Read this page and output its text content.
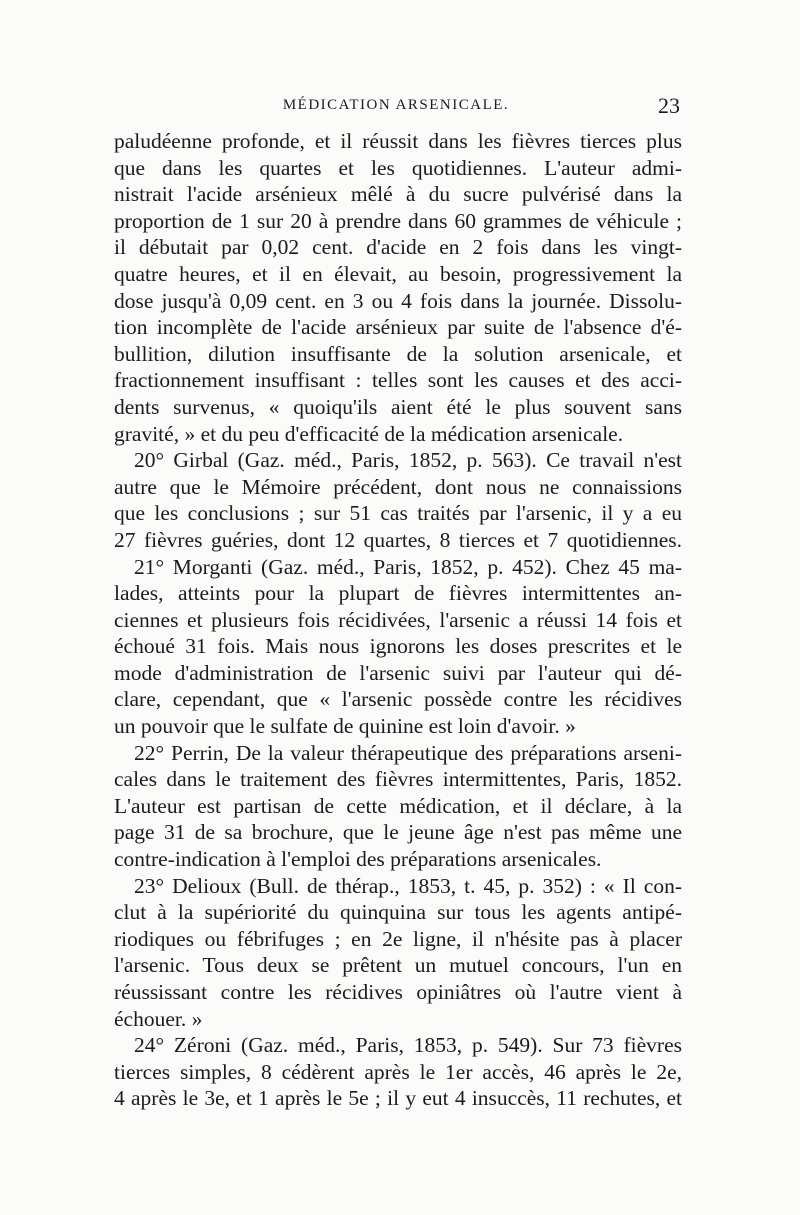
MÉDICATION ARSENICALE.	23
paludéenne profonde, et il réussit dans les fièvres tierces plus
que dans les quartes et les quotidiennes. L'auteur admi-
nistrait l'acide arsénieux mêlé à du sucre pulvérisé dans la
proportion de 1 sur 20 à prendre dans 60 grammes de véhicule ;
il débutait par 0,02 cent. d'acide en 2 fois dans les vingt-
quatre heures, et il en élevait, au besoin, progressivement la
dose jusqu'à 0,09 cent. en 3 ou 4 fois dans la journée. Dissolu-
tion incomplète de l'acide arsénieux par suite de l'absence d'é-
bullition, dilution insuffisante de la solution arsenicale, et
fractionnement insuffisant : telles sont les causes et des acci-
dents survenus, « quoiqu'ils aient été le plus souvent sans
gravité, » et du peu d'efficacité de la médication arsenicale.
20° Girbal (Gaz. méd., Paris, 1852, p. 563). Ce travail n'est
autre que le Mémoire précédent, dont nous ne connaissions
que les conclusions ; sur 51 cas traités par l'arsenic, il y a eu
27 fièvres guéries, dont 12 quartes, 8 tierces et 7 quotidiennes.
21° Morganti (Gaz. méd., Paris, 1852, p. 452). Chez 45 ma-
lades, atteints pour la plupart de fièvres intermittentes an-
ciennes et plusieurs fois récidivées, l'arsenic a réussi 14 fois et
échoué 31 fois. Mais nous ignorons les doses prescrites et le
mode d'administration de l'arsenic suivi par l'auteur qui dé-
clare, cependant, que « l'arsenic possède contre les récidives
un pouvoir que le sulfate de quinine est loin d'avoir. »
22° Perrin, De la valeur thérapeutique des préparations arseni-
cales dans le traitement des fièvres intermittentes, Paris, 1852.
L'auteur est partisan de cette médication, et il déclare, à la
page 31 de sa brochure, que le jeune âge n'est pas même une
contre-indication à l'emploi des préparations arsenicales.
23° Delioux (Bull. de thérap., 1853, t. 45, p. 352) : « Il con-
clut à la supériorité du quinquina sur tous les agents antipé-
riodiques ou fébrifuges ; en 2e ligne, il n'hésite pas à placer
l'arsenic. Tous deux se prêtent un mutuel concours, l'un en
réussissant contre les récidives opiniâtres où l'autre vient à
échouer. »
24° Zéroni (Gaz. méd., Paris, 1853, p. 549). Sur 73 fièvres
tierces simples, 8 cédèrent après le 1er accès, 46 après le 2e,
4 après le 3e, et 1 après le 5e ; il y eut 4 insuccès, 11 rechutes, et
